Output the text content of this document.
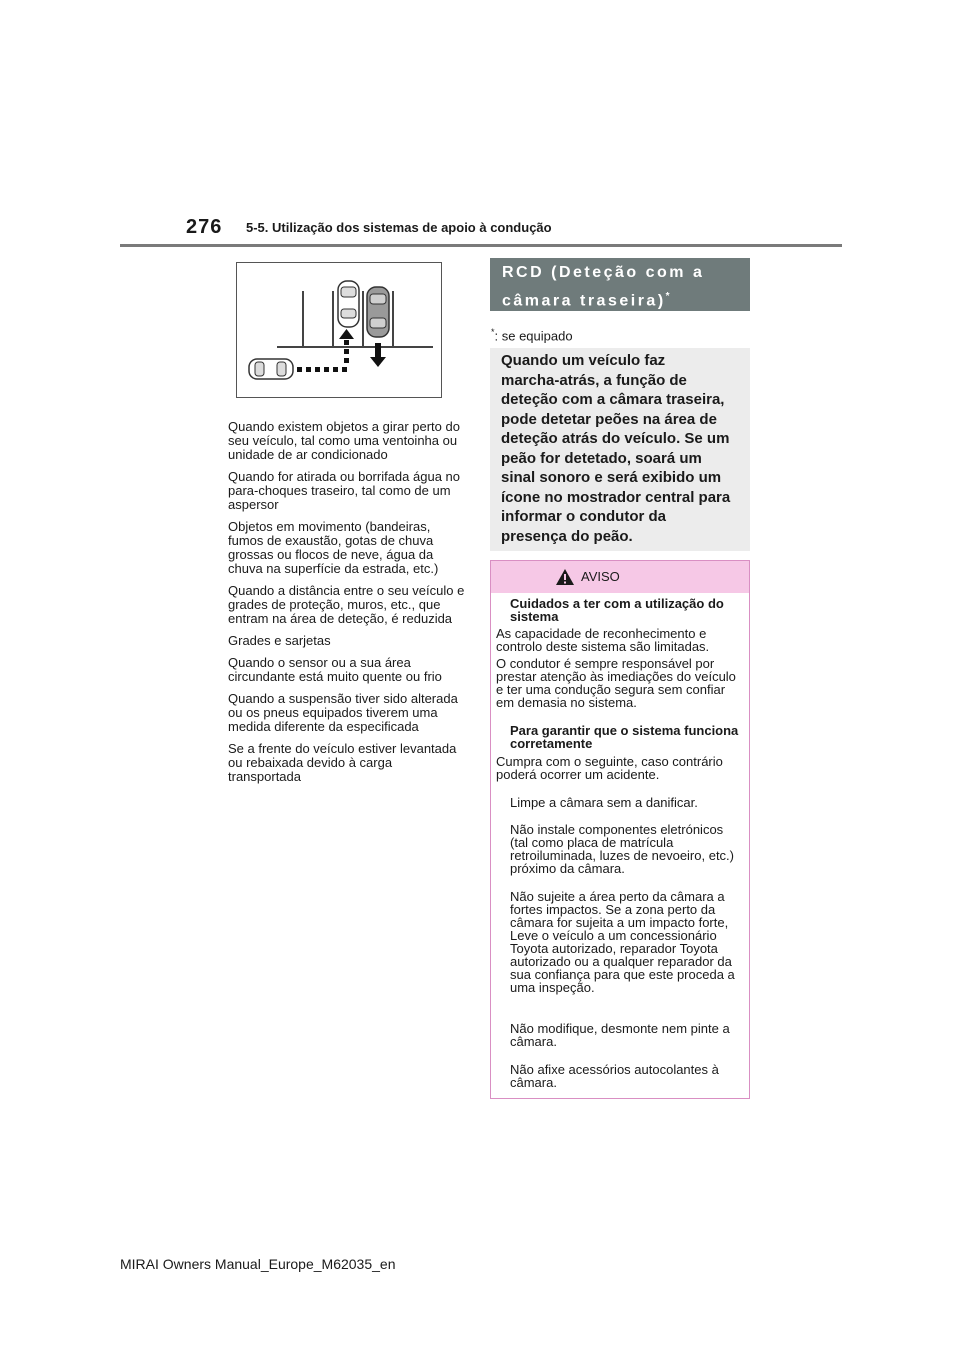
276 5-5. Utilização dos sistemas de apoio à condução

Quando existem objetos a girar perto do seu veículo, tal como uma ventoinha ou unidade de ar condicionado

Quando for atirada ou borrifada água no para-choques traseiro, tal como de um aspersor

Objetos em movimento (bandeiras, fumos de exaustão, gotas de chuva grossas ou flocos de neve, água da chuva na superfície da estrada, etc.)

Quando a distância entre o seu veículo e grades de proteção, muros, etc., que entram na área de deteção, é reduzida

Grades e sarjetas

Quando o sensor ou a sua área circundante está muito quente ou frio

Quando a suspensão tiver sido alterada ou os pneus equipados tiverem uma medida diferente da especificada

Se a frente do veículo estiver levantada ou rebaixada devido à carga transportada

RCD (Deteção com a
câmara traseira)*
*: se equipado
Quando um veículo faz
marcha-atrás, a função de
deteção com a câmara traseira,
pode detetar peões na área de
deteção atrás do veículo. Se um
peão for detetado, soará um
sinal sonoro e será exibido um
ícone no mostrador central para
informar o condutor da
presença do peão.
AVISO
Cuidados a ter com a utilização do sistema
As capacidade de reconhecimento e controlo deste sistema são limitadas.
O condutor é sempre responsável por prestar atenção às imediações do veículo e ter uma condução segura sem confiar em demasia no sistema.
Para garantir que o sistema funciona corretamente
Cumpra com o seguinte, caso contrário poderá ocorrer um acidente.
Limpe a câmara sem a danificar.
Não instale componentes eletrónicos (tal como placa de matrícula retroiluminada, luzes de nevoeiro, etc.) próximo da câmara.
Não sujeite a área perto da câmara a fortes impactos. Se a zona perto da câmara for sujeita a um impacto forte, Leve o veículo a um concessionário Toyota autorizado, reparador Toyota autorizado ou a qualquer reparador da sua confiança para que este proceda a uma inspeção.
Não modifique, desmonte nem pinte a câmara.
Não afixe acessórios autocolantes à câmara.
MIRAI Owners Manual_Europe_M62035_en
